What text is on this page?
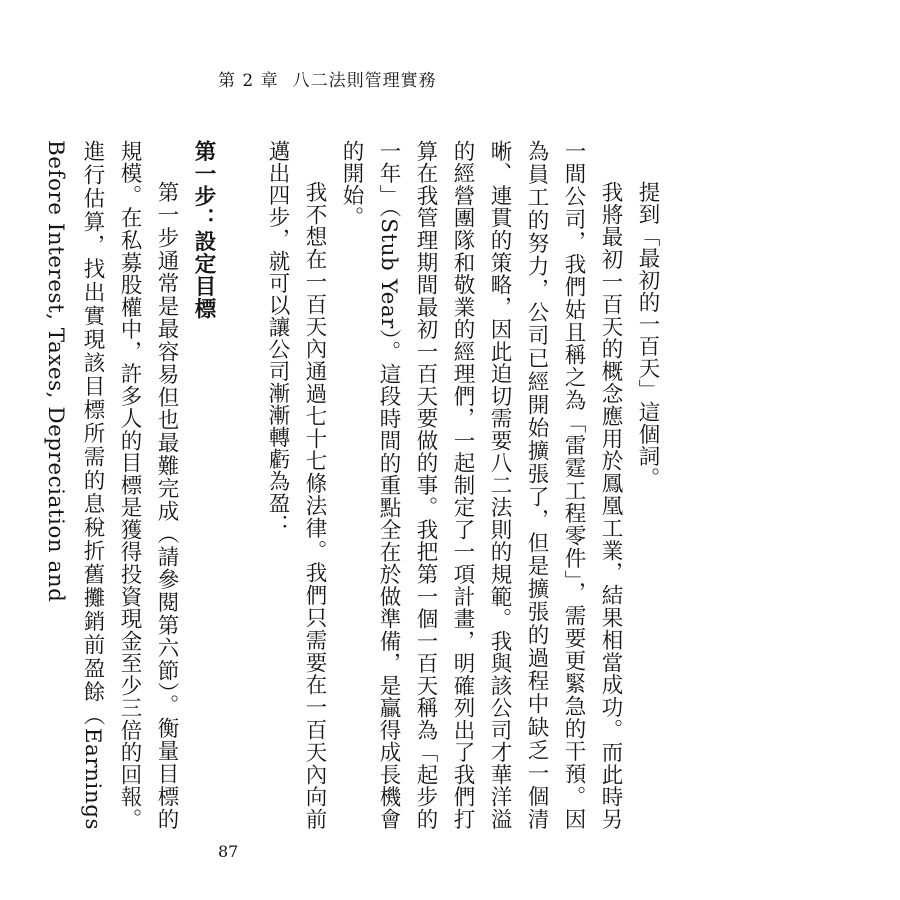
第 2 章 八二法則管理實務

提到「最初的一百天」這個詞。

我將最初一百天的概念應用於鳳凰工業，結果相當成功。而此時另一間公司，我們姑且稱之為「雷霆工程零件」，需要更緊急的干預。因為員工的努力，公司已經開始擴張了，但是擴張的過程中缺乏一個清晰、連貫的策略，因此迫切需要八二法則的規範。我與該公司才華洋溢的經營團隊和敬業的經理們，一起制定了一項計畫，明確列出了我們打算在我管理期間最初一百天要做的事。我把第一個一百天稱為「起步的一年」（Stub Year）。這段時間的重點全在於做準備，是贏得成長機會的開始。

我不想在一百天內通過七十七條法律。我們只需要在一百天內向前邁出四步，就可以讓公司漸漸轉虧為盈：

第一步：設定目標

第一步通常是最容易但也最難完成（請參閱第六節）。衡量目標的規模。在私募股權中，許多人的目標是獲得投資現金至少三倍的回報。進行估算，找出實現該目標所需的息稅折舊攤銷前盈餘（Earnings Before Interest, Taxes, Depreciation and

87
